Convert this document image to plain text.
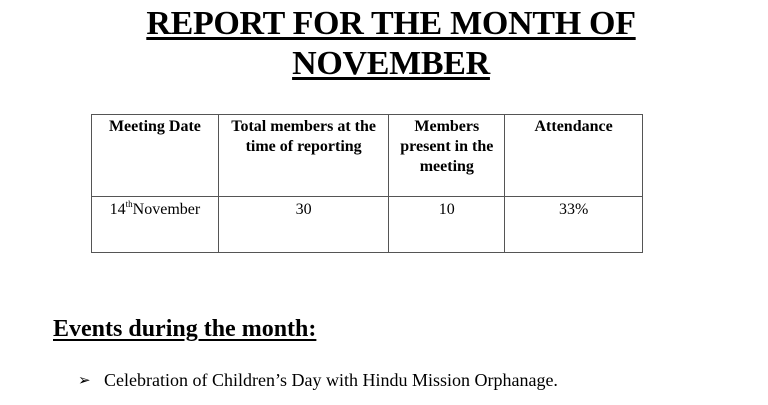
REPORT FOR THE MONTH OF
NOVEMBER
Meeting Date	Total members at the time of reporting	Members present in the meeting	Attendance
14thNovember	30	10	33%
Events during the month:
➢ Celebration of Children’s Day with Hindu Mission Orphanage.
